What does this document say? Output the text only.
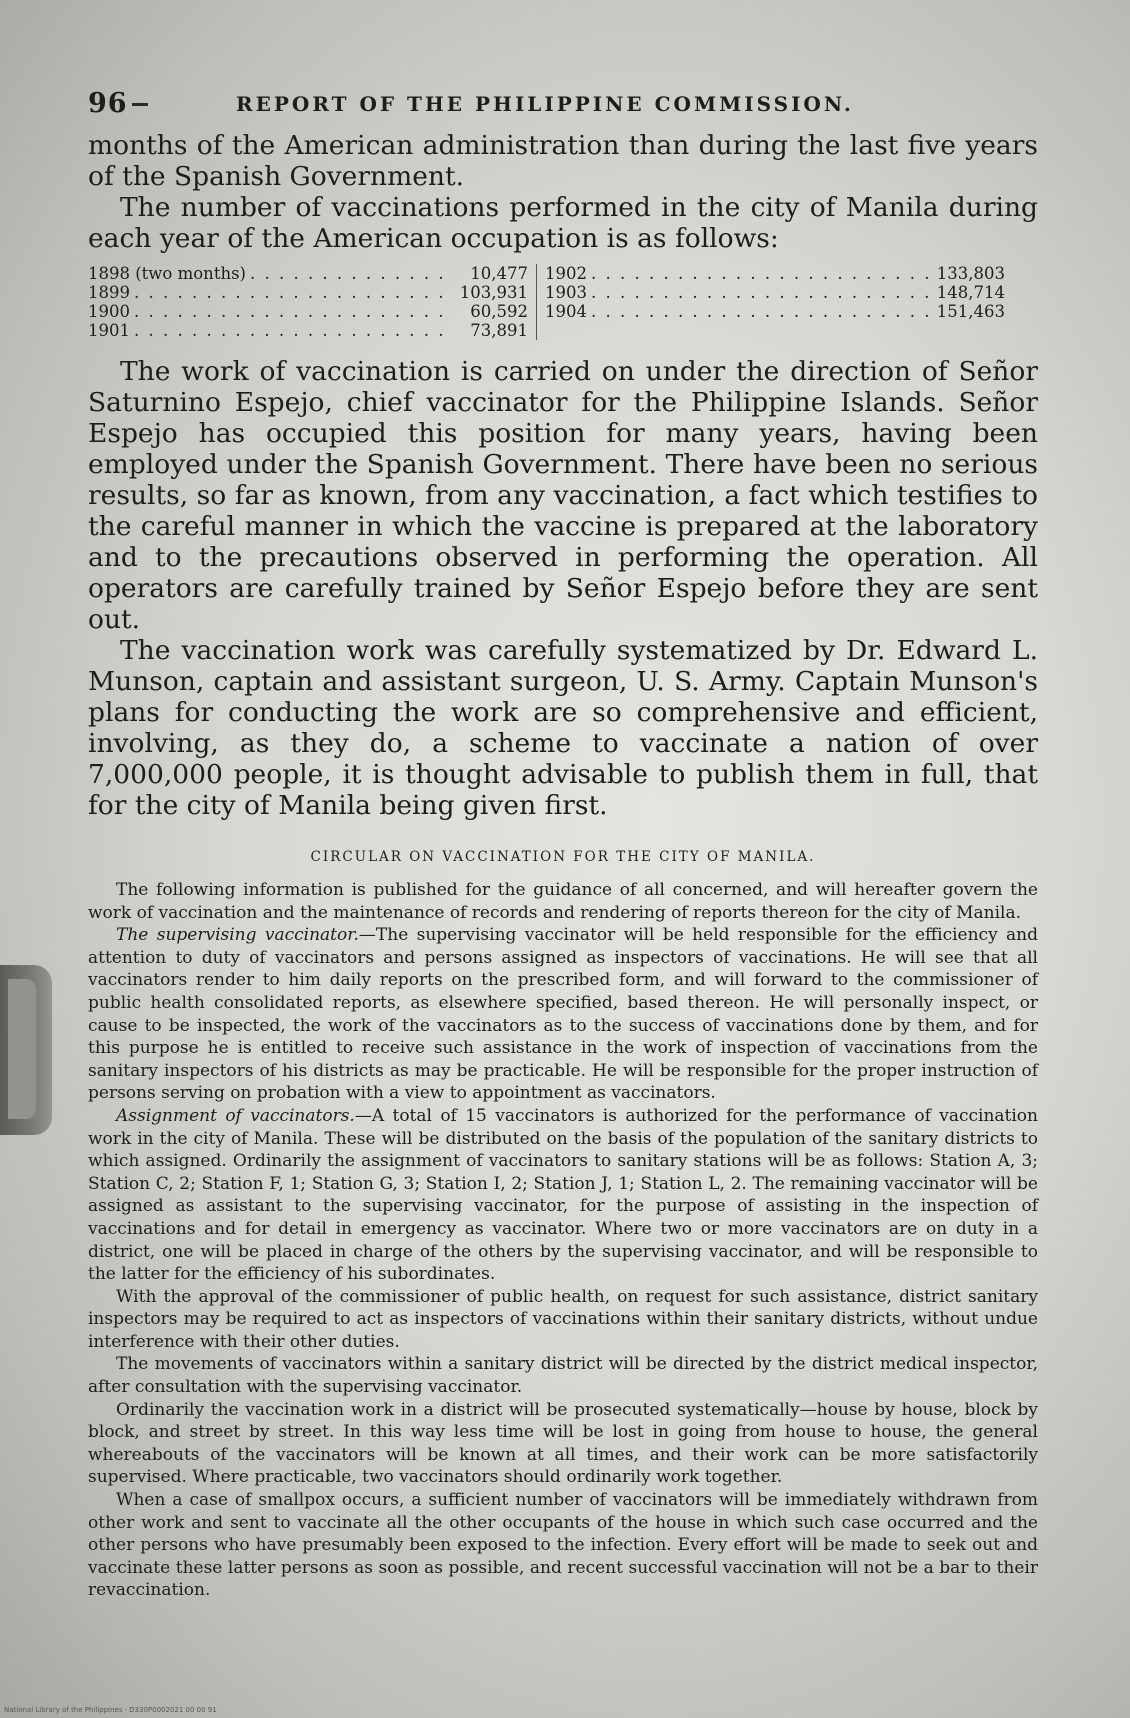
96	REPORT OF THE PHILIPPINE COMMISSION.

months of the American administration than during the last five years of the Spanish Government.

The number of vaccinations performed in the city of Manila during each year of the American occupation is as follows:

1898 (two months) . . .	10,477
1899 . . .	103,931
1900 . . .	60,592
1901 . . .	73,891
1902 . . .	133,803
1903 . . .	148,714
1904 . . .	151,463

The work of vaccination is carried on under the direction of Señor Saturnino Espejo, chief vaccinator for the Philippine Islands. Señor Espejo has occupied this position for many years, having been employed under the Spanish Government. There have been no serious results, so far as known, from any vaccination, a fact which testifies to the careful manner in which the vaccine is prepared at the laboratory and to the precautions observed in performing the operation. All operators are carefully trained by Señor Espejo before they are sent out.

The vaccination work was carefully systematized by Dr. Edward L. Munson, captain and assistant surgeon, U. S. Army. Captain Munson's plans for conducting the work are so comprehensive and efficient, involving, as they do, a scheme to vaccinate a nation of over 7,000,000 people, it is thought advisable to publish them in full, that for the city of Manila being given first.

CIRCULAR ON VACCINATION FOR THE CITY OF MANILA.

The following information is published for the guidance of all concerned, and will hereafter govern the work of vaccination and the maintenance of records and rendering of reports thereon for the city of Manila.

The supervising vaccinator.—The supervising vaccinator will be held responsible for the efficiency and attention to duty of vaccinators and persons assigned as inspectors of vaccinations. He will see that all vaccinators render to him daily reports on the prescribed form, and will forward to the commissioner of public health consolidated reports, as elsewhere specified, based thereon. He will personally inspect, or cause to be inspected, the work of the vaccinators as to the success of vaccinations done by them, and for this purpose he is entitled to receive such assistance in the work of inspection of vaccinations from the sanitary inspectors of his districts as may be practicable. He will be responsible for the proper instruction of persons serving on probation with a view to appointment as vaccinators.

Assignment of vaccinators.—A total of 15 vaccinators is authorized for the performance of vaccination work in the city of Manila. These will be distributed on the basis of the population of the sanitary districts to which assigned. Ordinarily the assignment of vaccinators to sanitary stations will be as follows: Station A, 3; Station C, 2; Station F, 1; Station G, 3; Station I, 2; Station J, 1; Station L, 2. The remaining vaccinator will be assigned as assistant to the supervising vaccinator, for the purpose of assisting in the inspection of vaccinations and for detail in emergency as vaccinator. Where two or more vaccinators are on duty in a district, one will be placed in charge of the others by the supervising vaccinator, and will be responsible to the latter for the efficiency of his subordinates.

With the approval of the commissioner of public health, on request for such assistance, district sanitary inspectors may be required to act as inspectors of vaccinations within their sanitary districts, without undue interference with their other duties.

The movements of vaccinators within a sanitary district will be directed by the district medical inspector, after consultation with the supervising vaccinator.

Ordinarily the vaccination work in a district will be prosecuted systematically—house by house, block by block, and street by street. In this way less time will be lost in going from house to house, the general whereabouts of the vaccinators will be known at all times, and their work can be more satisfactorily supervised. Where practicable, two vaccinators should ordinarily work together.

When a case of smallpox occurs, a sufficient number of vaccinators will be immediately withdrawn from other work and sent to vaccinate all the other occupants of the house in which such case occurred and the other persons who have presumably been exposed to the infection. Every effort will be made to seek out and vaccinate these latter persons as soon as possible, and recent successful vaccination will not be a bar to their revaccination.

National Library of the Philippines · D330P0002021 00 00 91
